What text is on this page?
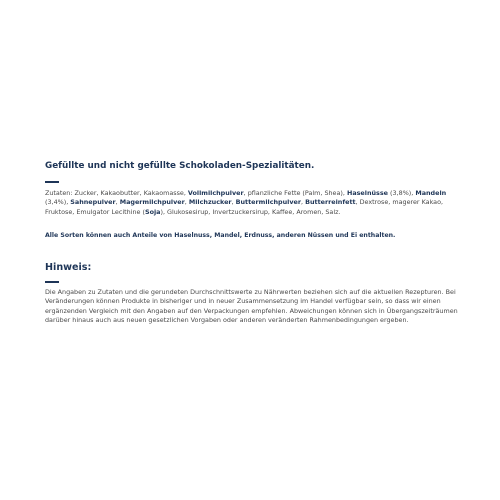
Gefüllte und nicht gefüllte Schokoladen-Spezialitäten.

Zutaten: Zucker, Kakaobutter, Kakaomasse, Vollmilchpulver, pflanzliche Fette (Palm, Shea), Haselnüsse (3,8%), Mandeln (3,4%), Sahnepulver, Magermilchpulver, Milchzucker, Buttermilchpulver, Butterreinfett, Dextrose, magerer Kakao, Fruktose, Emulgator Lecithine (Soja), Glukosesirup, Invertzuckersirup, Kaffee, Aromen, Salz.

Alle Sorten können auch Anteile von Haselnuss, Mandel, Erdnuss, anderen Nüssen und Ei enthalten.

Hinweis:

Die Angaben zu Zutaten und die gerundeten Durchschnittswerte zu Nährwerten beziehen sich auf die aktuellen Rezepturen. Bei Veränderungen können Produkte in bisheriger und in neuer Zusammensetzung im Handel verfügbar sein, so dass wir einen ergänzenden Vergleich mit den Angaben auf den Verpackungen empfehlen. Abweichungen können sich in Übergangszeiträumen darüber hinaus auch aus neuen gesetzlichen Vorgaben oder anderen veränderten Rahmenbedingungen ergeben.
